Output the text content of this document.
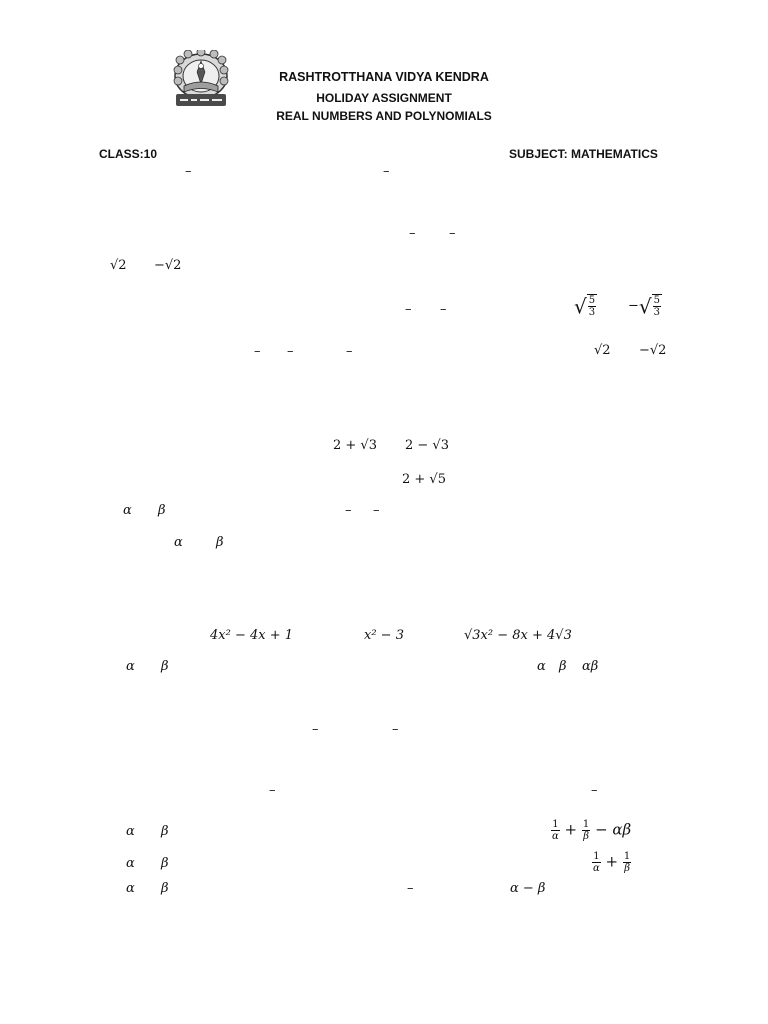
RASHTROTTHANA VIDYA KENDRA
HOLIDAY ASSIGNMENT
REAL NUMBERS AND POLYNOMIALS
CLASS:10	SUBJECT: MATHEMATICS
–	–
–	–
√2 −√2
– –	√ $\frac{5}{3}$ −√ $\frac{5}{3}$
– –	–	√2 −√2
2 + √3 2 − √3
2 + √5
α β	– –
α	β
4x² − 4x + 1	x² − 3	√3x² − 8x + 4√3
α β	α β αβ
–	–
–	–
α β	$\frac{1}{\alpha} + \frac{1}{\beta} - \alpha\beta$
α β	$\frac{1}{\alpha} + \frac{1}{\beta}$
α β	–	α − β
